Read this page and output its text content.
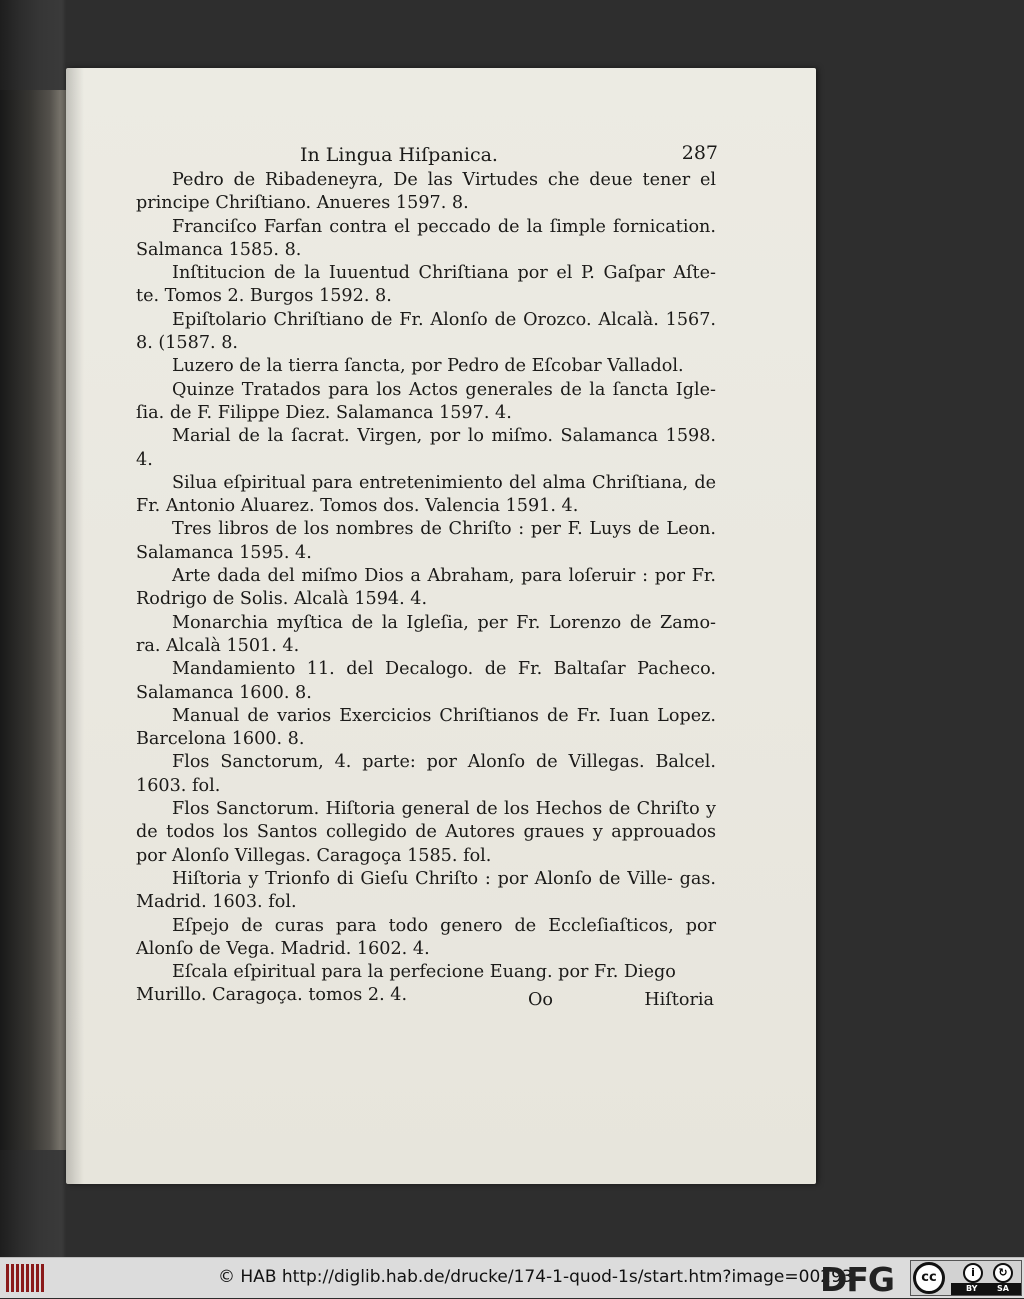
In Lingua Hiſpanica.	287

Pedro de Ribadeneyra, De las Virtudes che deue tener el principe Chriſtiano. Anueres 1597. 8.

Franciſco Farfan contra el peccado de la ſimple fornication. Salmanca 1585. 8.

Inſtitucion de la Iuuentud Chriſtiana por el P. Gaſpar Aſte- te. Tomos 2. Burgos 1592. 8.

Epiſtolario Chriſtiano de Fr. Alonſo de Orozco. Alcalà. 1567. 8. (1587. 8.

Luzero de la tierra ſancta, por Pedro de Eſcobar Valladol.

Quinze Tratados para los Actos generales de la ſancta Igle- ſia. de F. Filippe Diez. Salamanca 1597. 4.

Marial de la ſacrat. Virgen, por lo miſmo. Salamanca 1598. 4.

Silua eſpiritual para entretenimiento del alma Chriſtiana, de Fr. Antonio Aluarez. Tomos dos. Valencia 1591. 4.

Tres libros de los nombres de Chriſto : per F. Luys de Leon. Salamanca 1595. 4.

Arte dada del miſmo Dios a Abraham, para loſeruir : por Fr. Rodrigo de Solis. Alcalà 1594. 4.

Monarchia myſtica de la Igleſia, per Fr. Lorenzo de Zamo- ra. Alcalà 1501. 4.

Mandamiento 11. del Decalogo. de Fr. Baltaſar Pacheco. Salamanca 1600. 8.

Manual de varios Exercicios Chriſtianos de Fr. Iuan Lopez. Barcelona 1600. 8.

Flos Sanctorum, 4. parte: por Alonſo de Villegas. Balcel. 1603. fol.

Flos Sanctorum. Hiſtoria general de los Hechos de Chriſto y de todos los Santos collegido de Autores graues y approuados por Alonſo Villegas. Caragoça 1585. fol.

Hiſtoria y Trionfo di Gieſu Chriſto : por Alonſo de Ville- gas. Madrid. 1603. fol.

Eſpejo de curas para todo genero de Eccleſiaſticos, por Alonſo de Vega. Madrid. 1602. 4.

Eſcala eſpiritual para la perfecione Euang. por Fr. Diego

Murillo. Caragoça. tomos 2. 4.	Oo	Hiſtoria
© HAB http://diglib.hab.de/drucke/174-1-quod-1s/start.htm?image=00293
DFG	cc	i	↻
BY SA
